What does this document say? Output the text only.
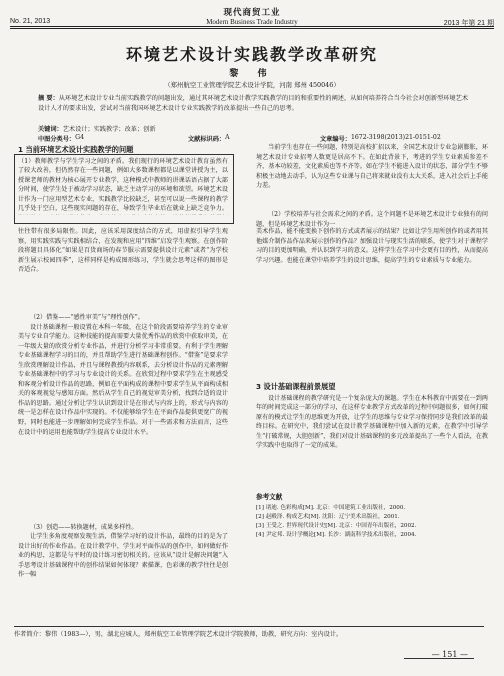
现代商贸工业
No. 21, 2013	Modern Business Trade Industry	2013 年第 21 期
环境艺术设计实践教学改革研究
黎 伟
（郑州航空工业管理学院艺术设计学院，河南 郑州 450046）
摘 要：从环境艺术设计专业当前实践教学的问题出发，通过其环境艺术设计教学实践教学的目的和重要性的阐述，从如何培养符合当今社会对创新型环境艺术设计人才的要求出发，尝试对当前我国环境艺术设计专业实践教学的改革提出一些自己的思考。
关键词：艺术设计；实践教学；改革；创新
中图分类号： G4	文献标识码： A	文章编号： 1672-3198(2013)21-0151-02
1 当前环境艺术设计实践教学的问题

（1）教师教学与学生学习之间的矛盾。我们现行的环境艺术设计教育虽然有了较大改善，但仍然存在一些问题，例如大多数课程都是以课堂讲授为主，以授课老师的教材为核心展开专业教学，这种模式中教师的讲课话语占据了大部分时间，使学生处于被动学习状态，缺乏主动学习的环境和欲望。环境艺术设计作为一门应用型艺术专业，实践教学比较缺乏，甚至可以说一些课程的教学几乎处于空白，这些现实问题的存在，导致学生毕业后在就业上缺乏竞争力。

当前学生也存在一些问题，特别是高校扩招以来，全国艺术设计专业急剧膨胀，环境艺术设计专业招考人数更是居高不下。在如此背景下，考进的学生专业素质参差不齐，基本功较差，文化素质也等不齐等。如在学生不能进入设计的状态，部分学生不够积极主动地去动手，认为这些专业课与自己将来就业没有太大关系，进入社会后上手能力差。

（2）学校培养与社会需求之间的矛盾。这个问题不是环境艺术设计专业独有的问题，但是环境艺术设计作为一

往往带有很多局限性。因此，应该采用深度结合的方式，用虚拟引导学生观察，用实践实践与实践相结合，在发现和应用“四维”启发学生观察。在创作阶段将题目具体化“如果是百货商场的春节服示需要提供设计元素”或者“为学校新生展示校园四季”，这样同样是构成图形练习，学生就会思考这样的图形是否适合。

（2）借鉴——“感性审美”与“理性创作”。

设计基础课程一般设置在本科一年级，在这个阶段需要培养学生的专业审美与专业自学能力。这种技能的提高需要大量优秀作品的欣赏中获取审美，在一年级大量的欣赏分析专业作品，并进行分析学习非常重要。有利于学生理解专业基础课程学习的目的，并且帮助学生进行基础课程创作。“借鉴”是要求学生欣赏理解设计作品，并且与课程教授内容联系，去分析设计作品的元素理解专业基础课程中的学习与专业设计的关系。在欣赏过程中要求学生在主观感受和客观分析设计作品的思路，例如在平面构成的课程中要求学生从平面构成相关的客观视觉与感知方面。然后从学生自己的视觉审美分析，找到合适的设计作品的思路。通过分析让学生认识到设计是在形式与内容上的，形式与内容的统一是怎样在设计作品中实现的。不仅能够给学生在平面作品提供更宽广的视野，同时也能进一步理解如何完成学生作品。对于一些需求和方法而言，这些在设计中的运用也能帮助学生提高专业设计水平。

（3）创造——转换题材，成果多样性。

让学生多角度观察发现生活，借鉴学习好的设计作品，最终的目的是为了设计出好的作业作品。在设计教学中，学生对平面作品的创作中，如何做好作业的构思，这都是与平时的设计练习密切相关的。应该从“设计是解决问题”入手思考设计基础课程中的创作结果如何体现？素描课，色彩课的教学往往是创作一幅

美术作品，能不能变换下创作的方式或者展示的结果？比如让学生用所创作的或者用其他媒介制作品作品来展示创作的作品？加强设计与现实生活的联系，使学生对于课程学习的目的更加明确，并认识到学习的意义。这样学生在学习中会更有目的性，从而提高学习兴趣。也能在课堂中培养学生的设计思维，提高学生的专业素质与专业能力。

3 设计基础课程前景展望

设计基础课程的教学研究是一个复杂庞大的课题。学生在本科教育中需要在一到两年的时间完成这一部分的学习，在这样专业教学方式改革的过程中问题很多，如何打破原有的模式让学生的思维更为开放，让学生的思维与专业学习保持同步是我们改革的最终目标。在研究中，我们尝试在设计教学基础课程中加入新的元素，在教学中引导学生“打破常规，大胆创新”，我们对设计基础课程的多元改革提出了一些个人看法，在教学实践中也取得了一定的成果。

参考文献
[1] 诸迪. 色彩构成[M]. 北京：中国建筑工业出版社，2000.
[2] 赵殿泽. 构成艺术[M]. 沈阳：辽宁美术出版社，2001.
[3] 王受之. 世界现代设计史[M]. 北京：中国青年出版社，2002.
[4] 尹定邦. 设计学概论[M]. 长沙：湖南科学技术出版社，2004.
作者简介：黎伟（1983—），男，湖北应城人，郑州航空工业管理学院艺术设计学院教师，助教，研究方向：室内设计。
— 151 —
